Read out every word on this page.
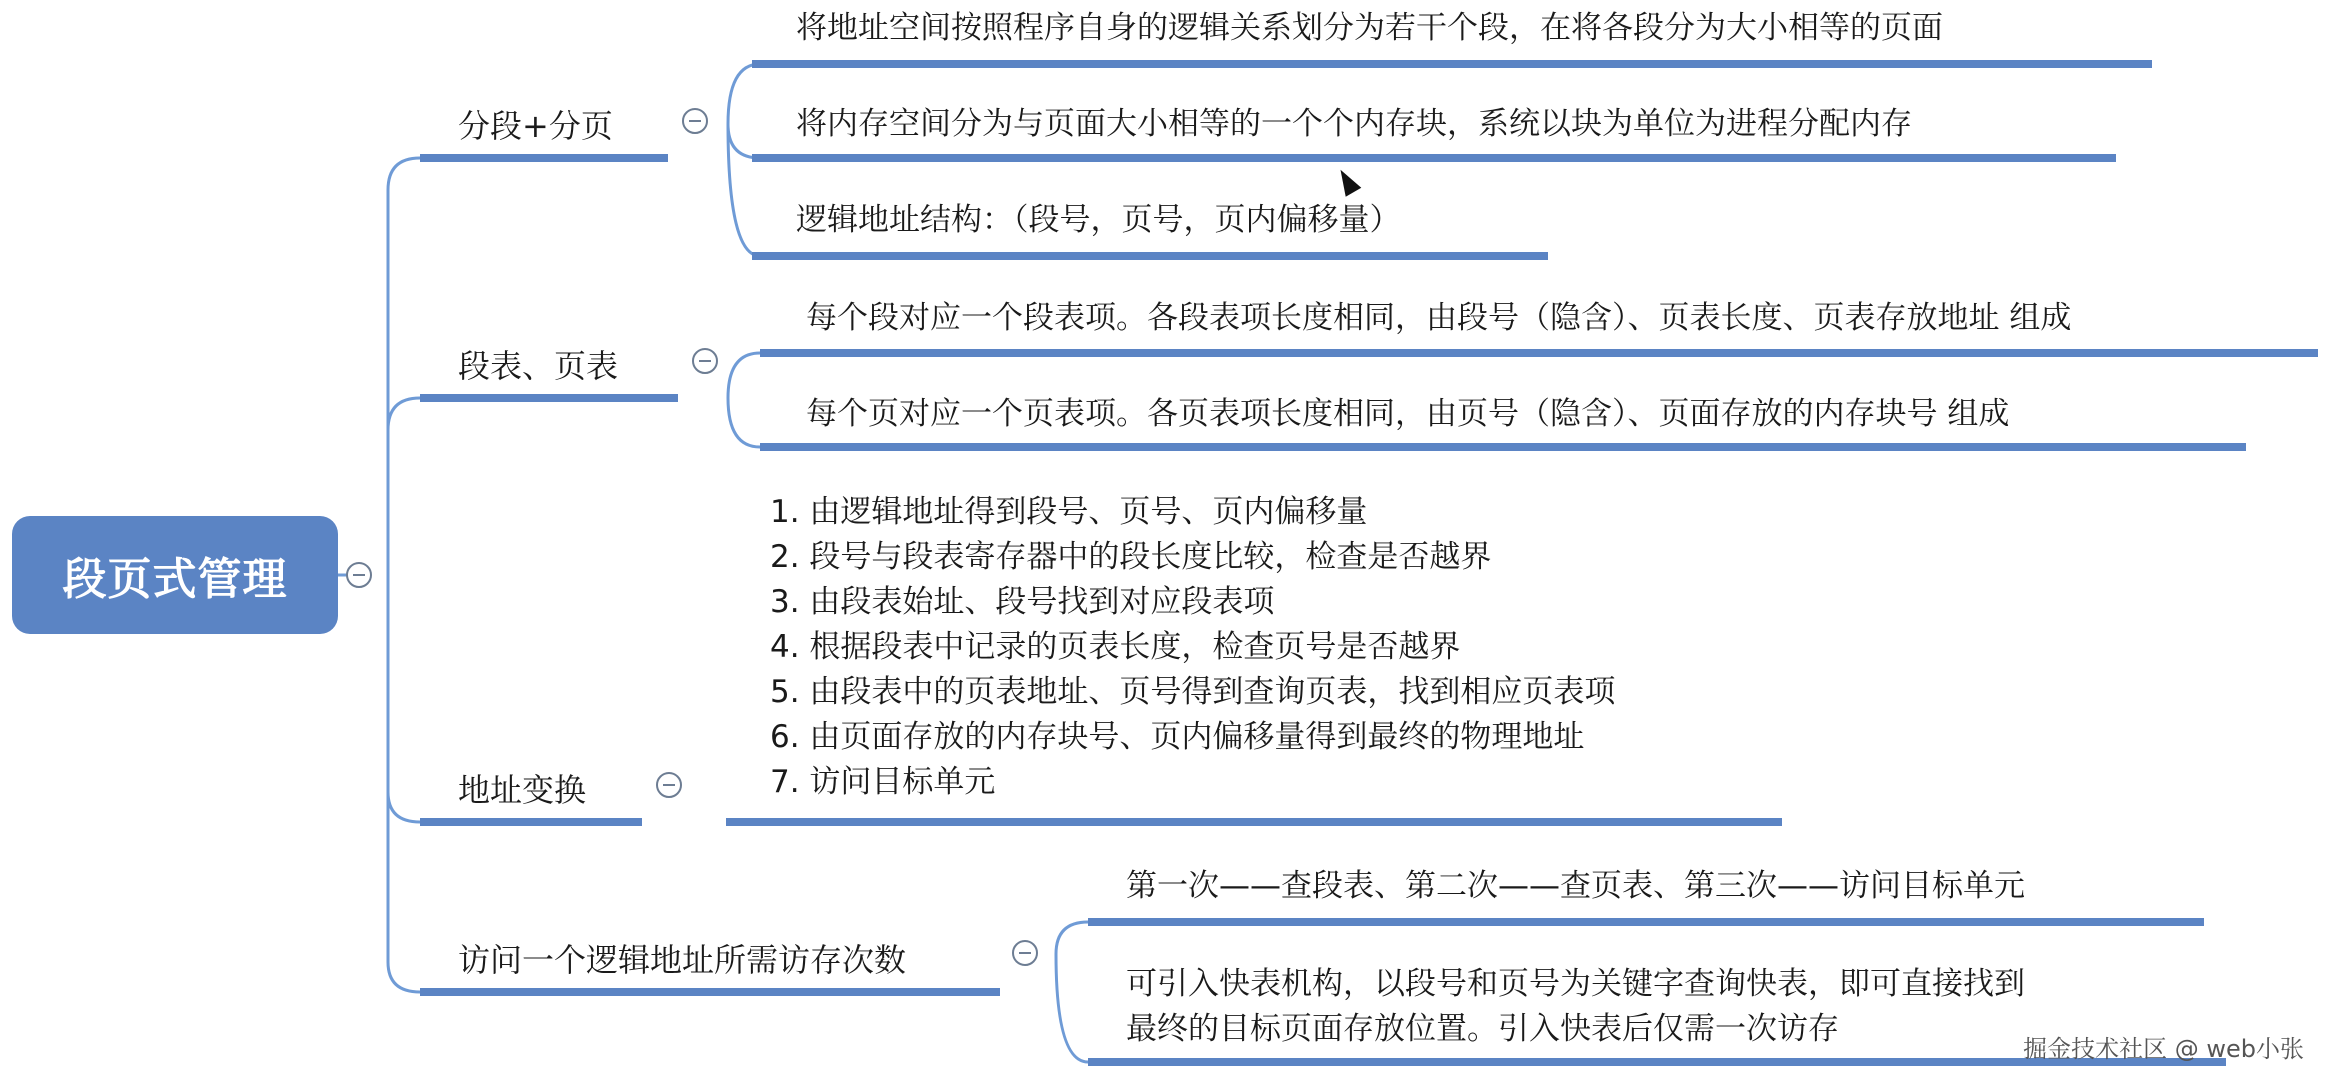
段页式管理
分段+分页
将地址空间按照程序自身的逻辑关系划分为若干个段，在将各段分为大小相等的页面
将内存空间分为与页面大小相等的一个个内存块，系统以块为单位为进程分配内存
逻辑地址结构：（段号，页号，页内偏移量）
段表、页表
每个段对应一个段表项。各段表项长度相同，由段号（隐含）、页表长度、页表存放地址 组成
每个页对应一个页表项。各页表项长度相同，由页号（隐含）、页面存放的内存块号 组成
地址变换
1. 由逻辑地址得到段号、页号、页内偏移量
2. 段号与段表寄存器中的段长度比较，检查是否越界
3. 由段表始址、段号找到对应段表项
4. 根据段表中记录的页表长度，检查页号是否越界
5. 由段表中的页表地址、页号得到查询页表，找到相应页表项
6. 由页面存放的内存块号、页内偏移量得到最终的物理地址
7. 访问目标单元
访问一个逻辑地址所需访存次数
第一次——查段表、第二次——查页表、第三次——访问目标单元
可引入快表机构，以段号和页号为关键字查询快表，即可直接找到
最终的目标页面存放位置。引入快表后仅需一次访存
掘金技术社区 @ web小张
